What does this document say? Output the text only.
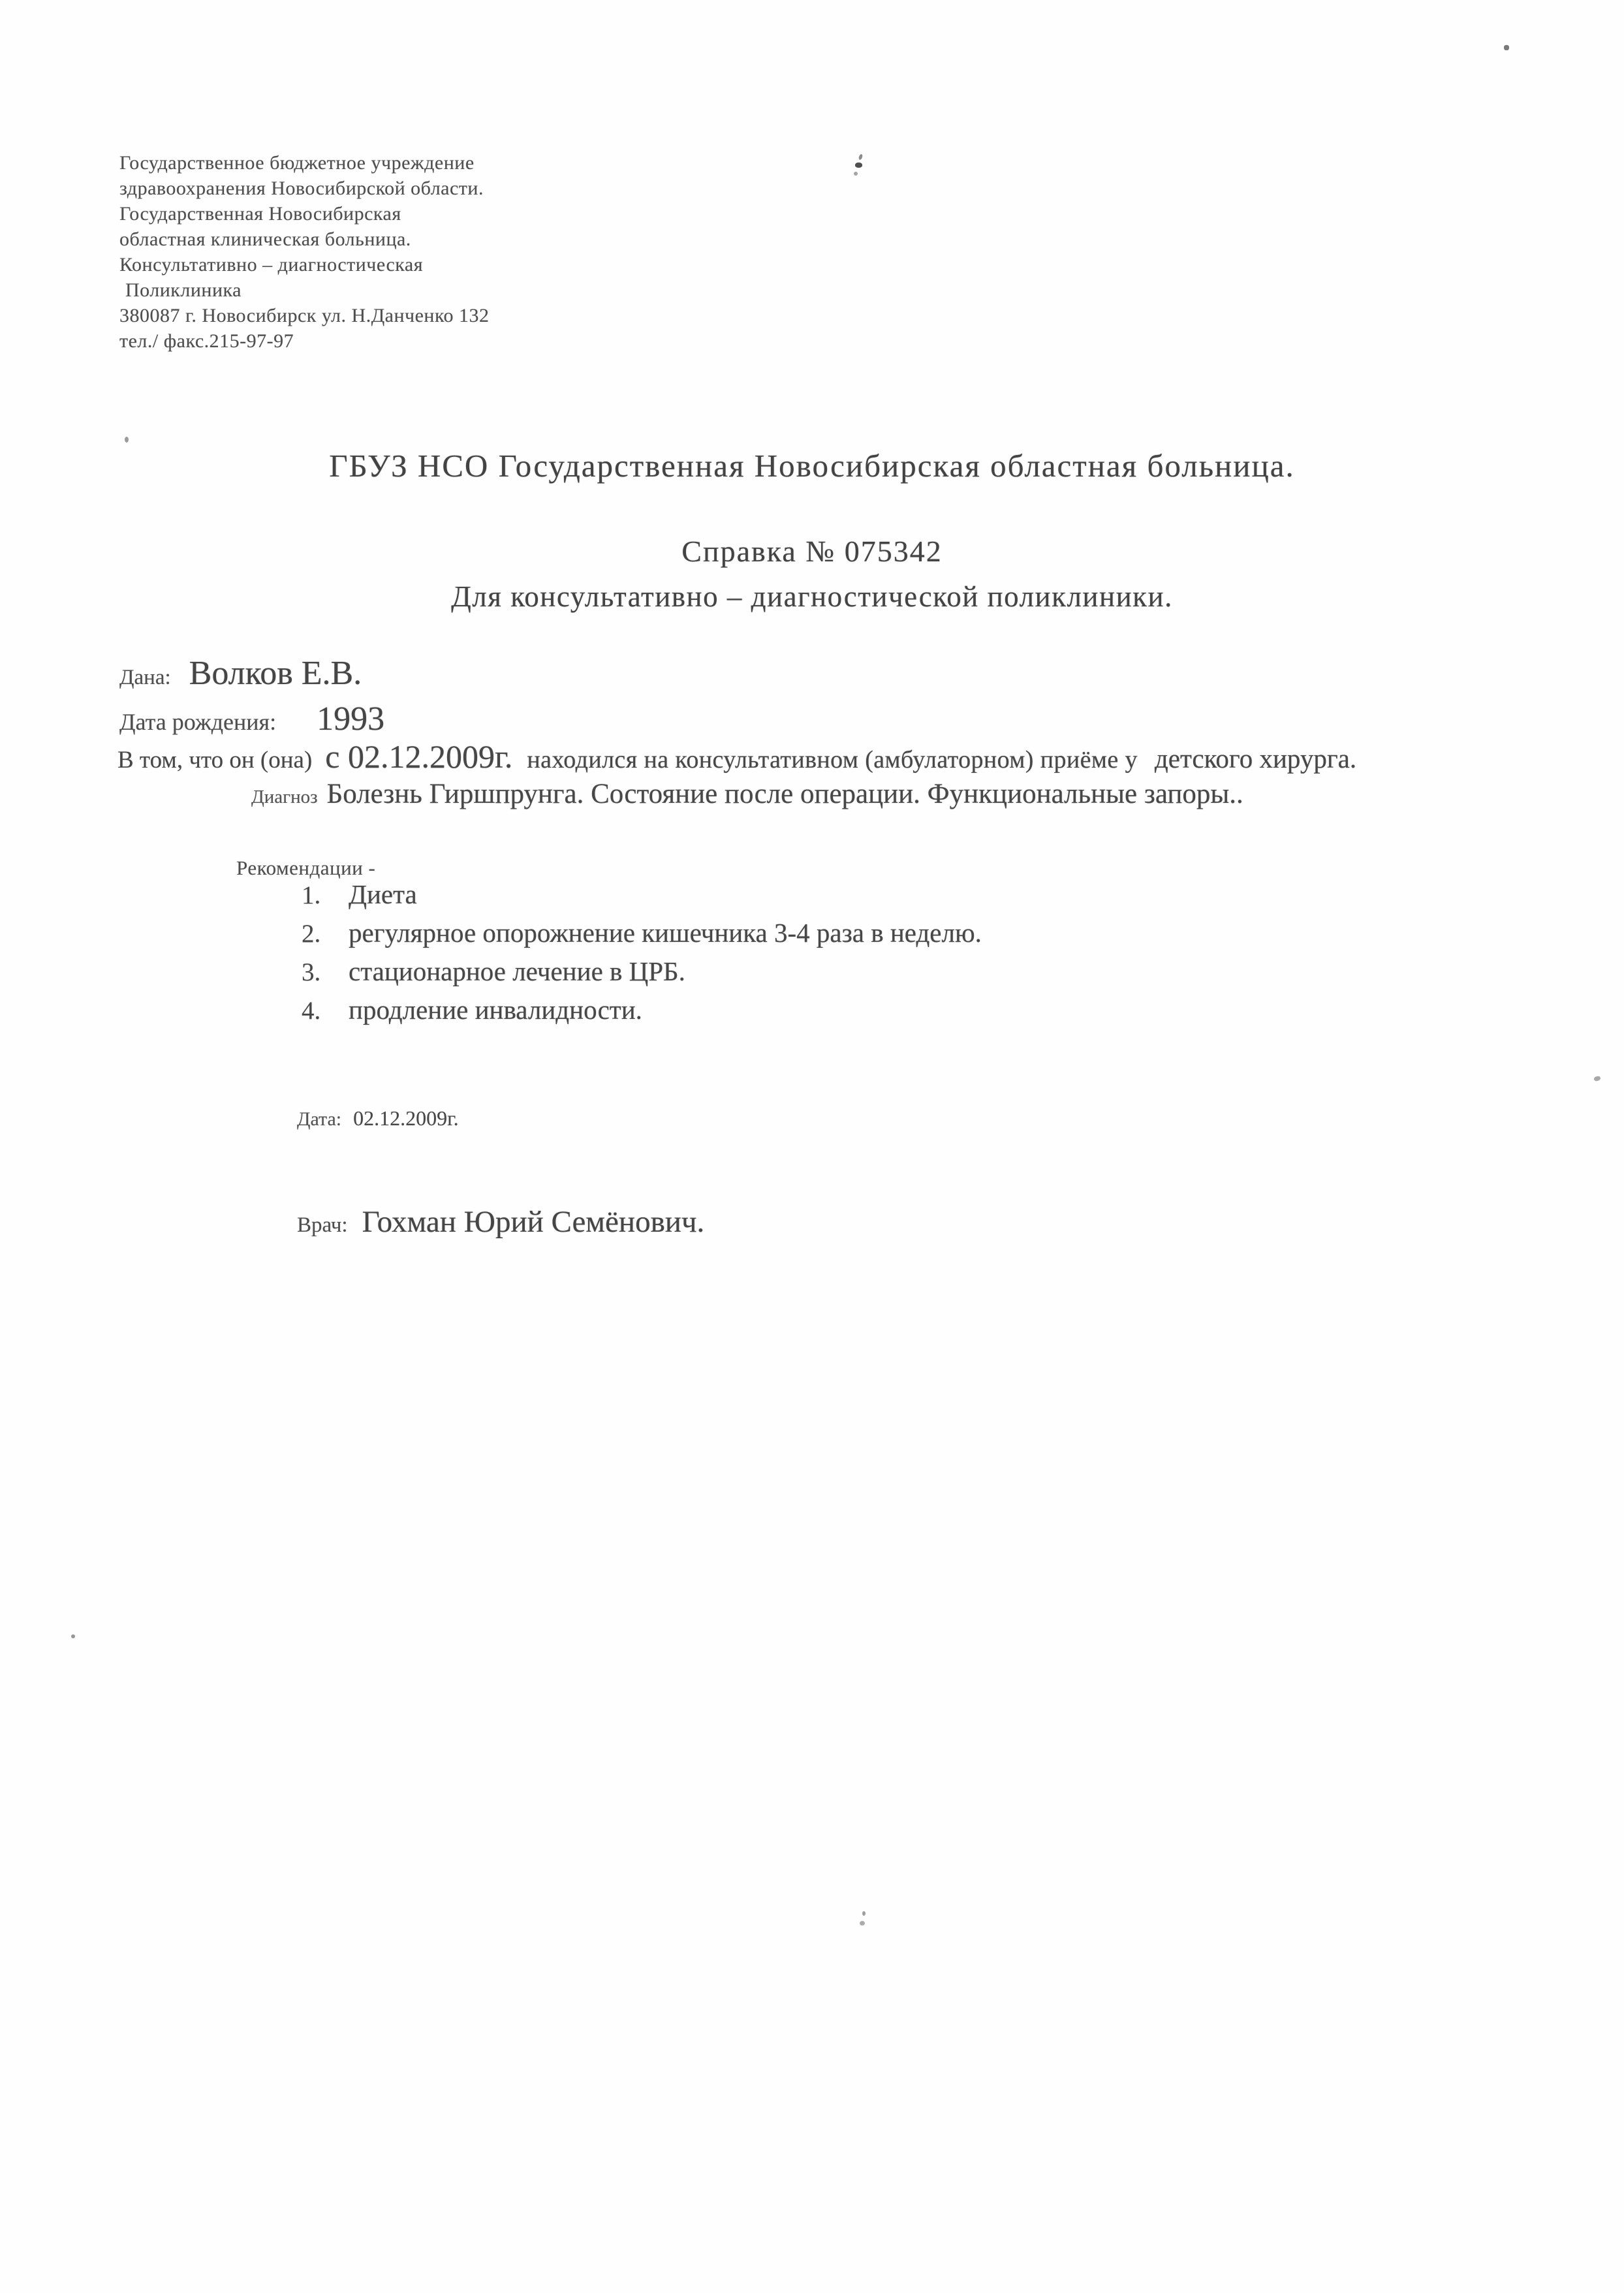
Государственное бюджетное учреждение
здравоохранения Новосибирской области.
Государственная Новосибирская
областная клиническая больница.
Консультативно – диагностическая
Поликлиника
380087 г. Новосибирск ул. Н.Данченко 132
тел./ факс.215-97-97
ГБУЗ НСО Государственная Новосибирская областная больница.
Справка № 075342
Для консультативно – диагностической поликлиники.
Дана: Волков Е.В.
Дата рождения: 1993
В том, что он (она) с 02.12.2009г. находился на консультативном (амбулаторном) приёме у детского хирурга.
Диагноз Болезнь Гиршпрунга. Состояние после операции. Функциональные запоры..
Рекомендации -
1.	Диета
2.	регулярное опорожнение кишечника 3-4 раза в неделю.
3.	стационарное лечение в ЦРБ.
4.	продление инвалидности.
Дата: 02.12.2009г.
Врач: Гохман Юрий Семёнович.
